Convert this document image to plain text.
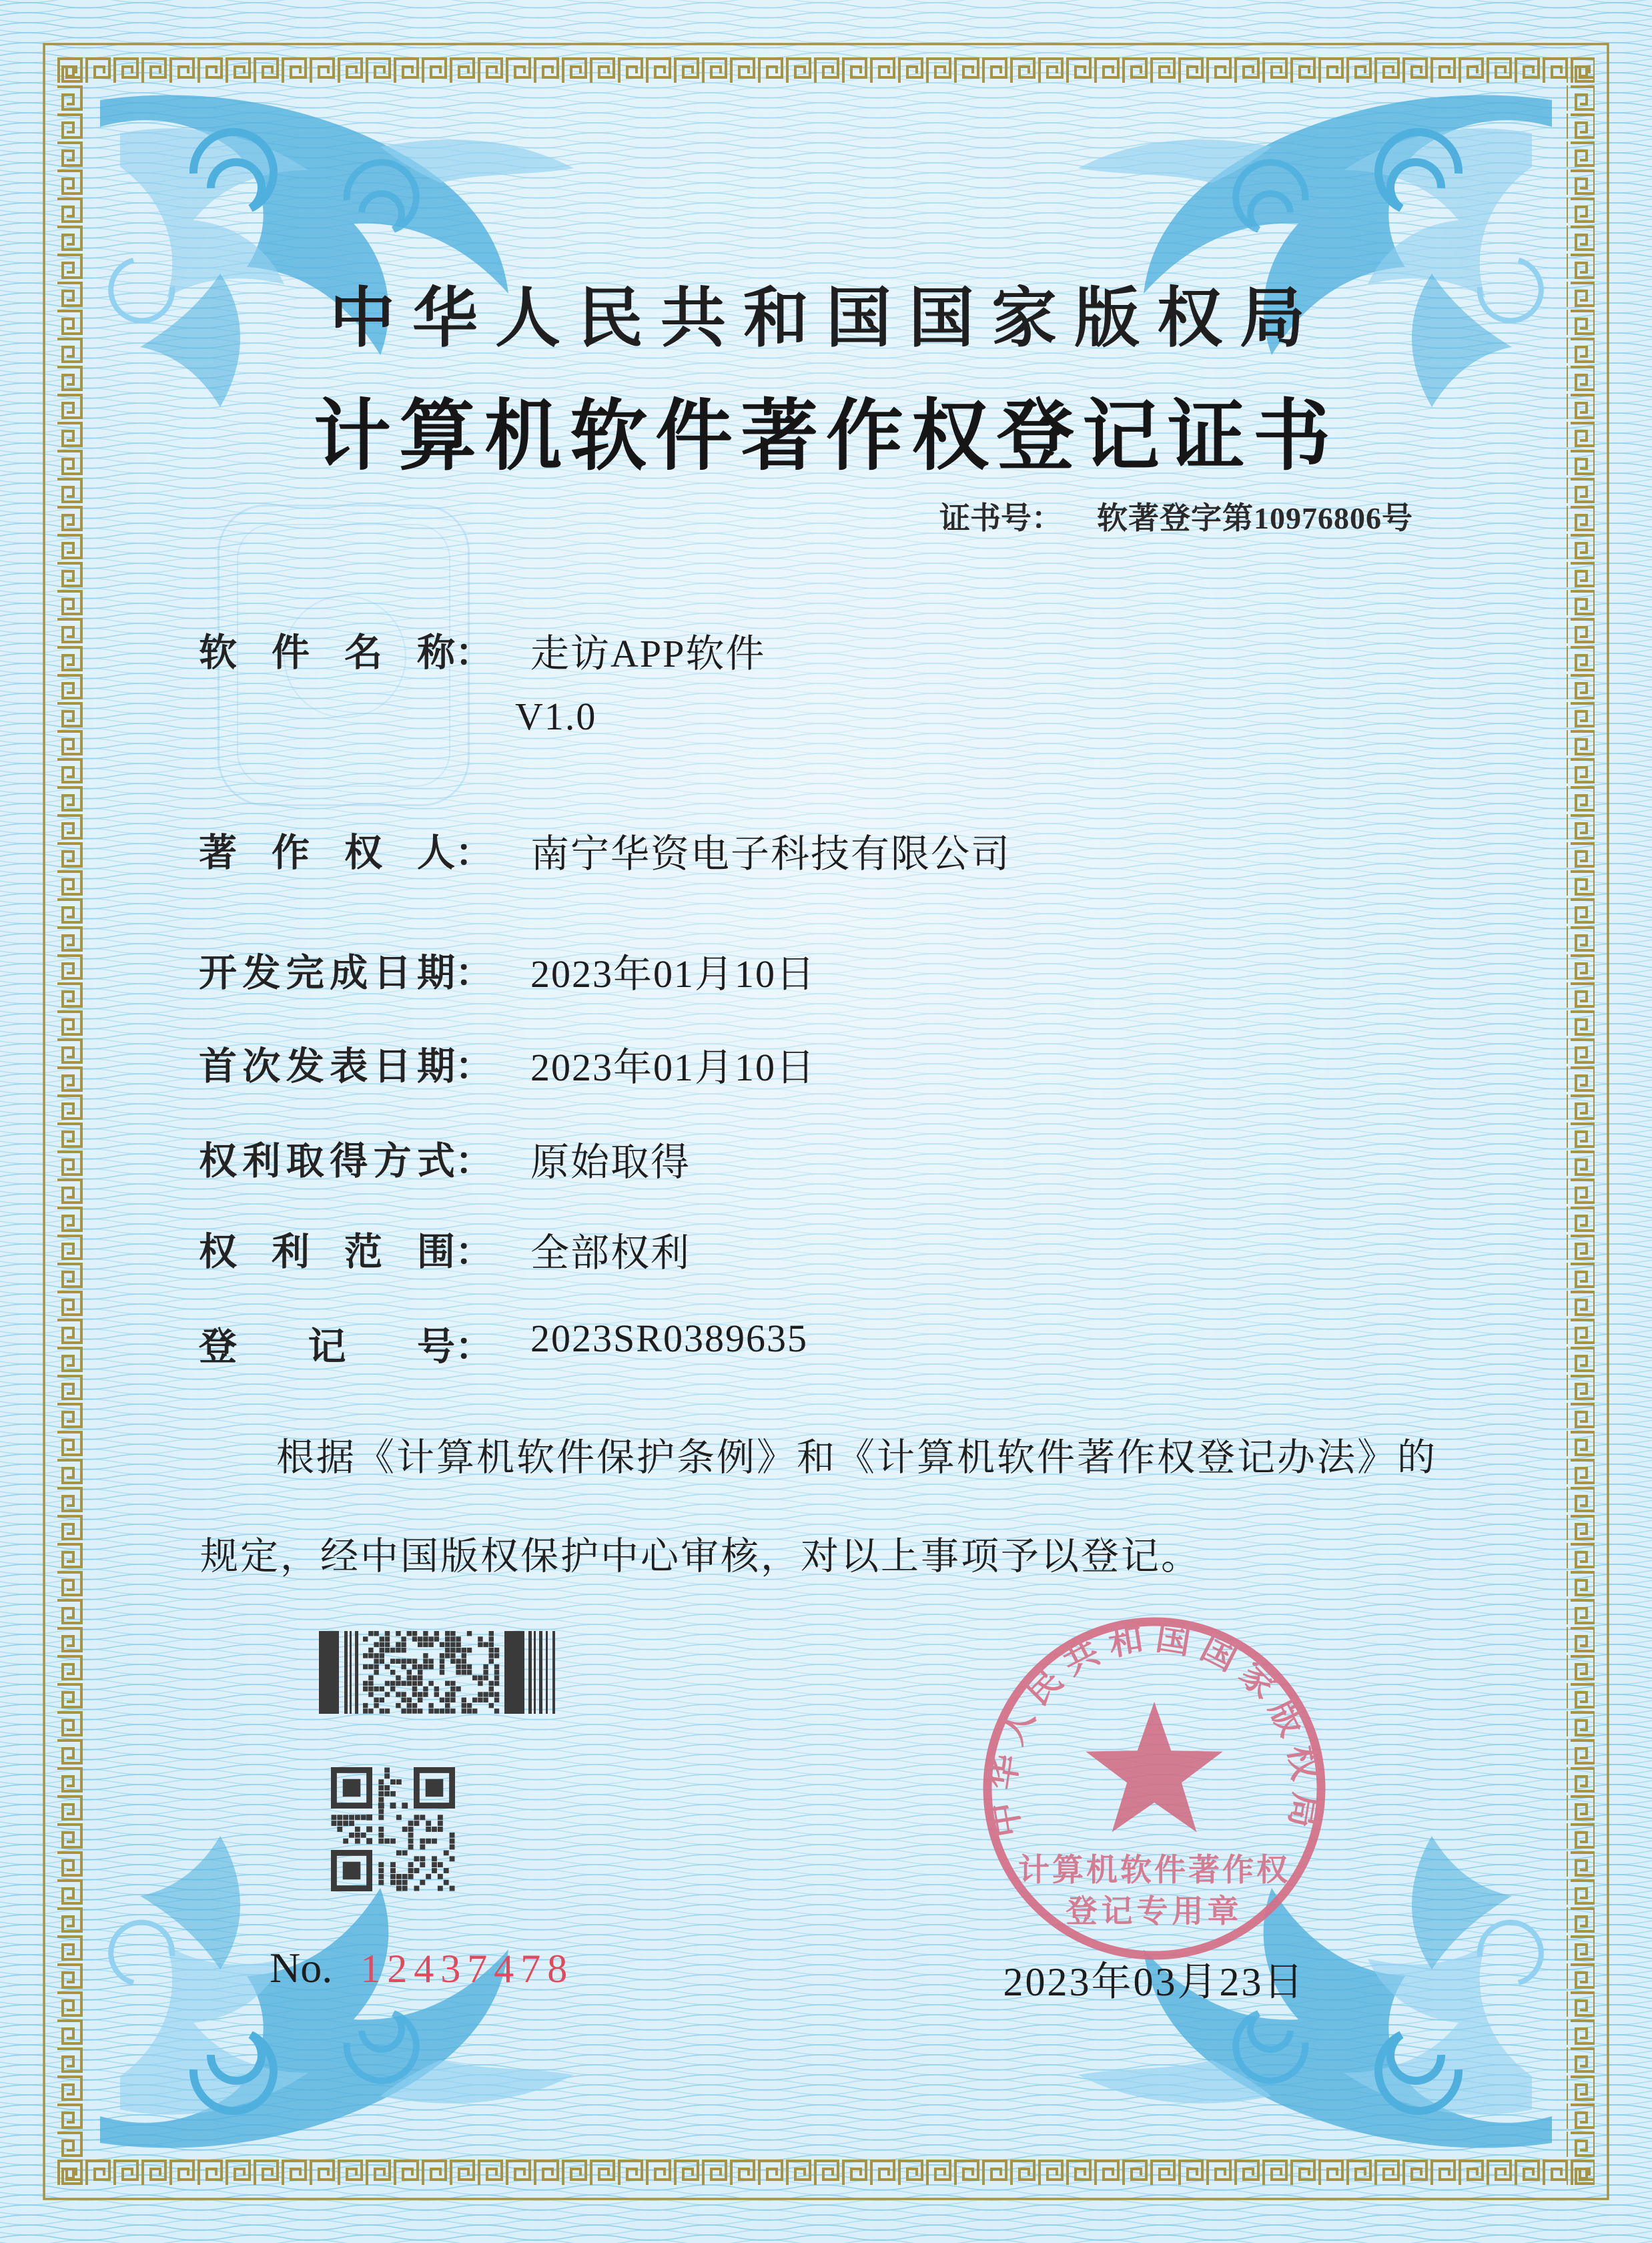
中华人民共和国国家版权局
计算机软件著作权登记证书
证书号： 软著登字第10976806号
软件名称 ： 走访APP软件
V1.0
著作权人 ： 南宁华资电子科技有限公司
开发完成日期 ： 2023年01月10日
首次发表日期 ： 2023年01月10日
权利取得方式 ： 原始取得
权利范围 ： 全部权利
登记号 ： 2023SR0389635
根据《计算机软件保护条例》和《计算机软件著作权登记办法》的
规定，经中国版权保护中心审核，对以上事项予以登记。
No. 12437478
中华人民共和国国家版权局
计算机软件著作权
登记专用章
2023年03月23日
